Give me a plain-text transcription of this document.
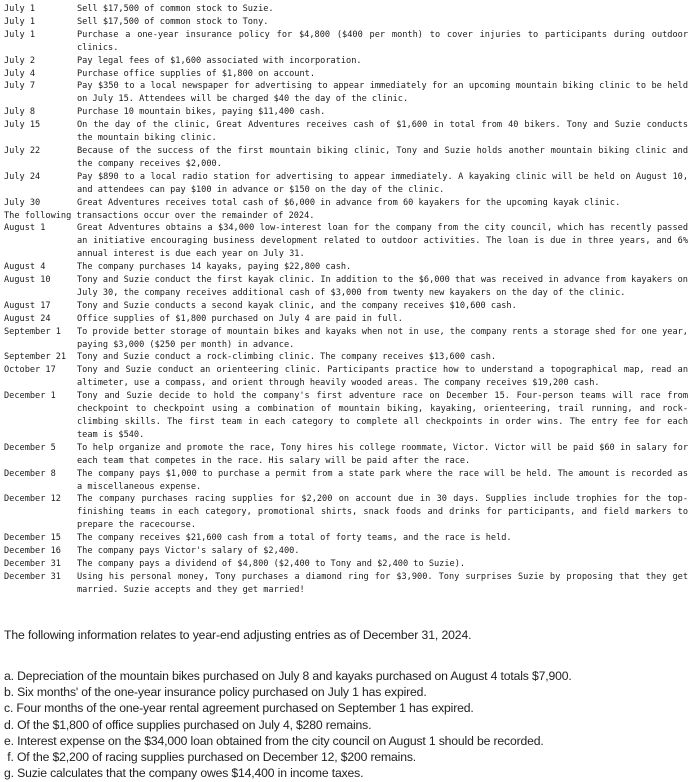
July 1	Sell $17,500 of common stock to Suzie.
July 1	Sell $17,500 of common stock to Tony.
July 1	Purchase a one-year insurance policy for $4,800 ($400 per month) to cover injuries to participants during outdoor clinics.
July 2	Pay legal fees of $1,600 associated with incorporation.
July 4	Purchase office supplies of $1,800 on account.
July 7	Pay $350 to a local newspaper for advertising to appear immediately for an upcoming mountain biking clinic to be held on July 15. Attendees will be charged $40 the day of the clinic.
July 8	Purchase 10 mountain bikes, paying $11,400 cash.
July 15	On the day of the clinic, Great Adventures receives cash of $1,600 in total from 40 bikers. Tony and Suzie conducts the mountain biking clinic.
July 22	Because of the success of the first mountain biking clinic, Tony and Suzie holds another mountain biking clinic and the company receives $2,000.
July 24	Pay $890 to a local radio station for advertising to appear immediately. A kayaking clinic will be held on August 10, and attendees can pay $100 in advance or $150 on the day of the clinic.
July 30	Great Adventures receives total cash of $6,000 in advance from 60 kayakers for the upcoming kayak clinic.
The following transactions occur over the remainder of 2024.
August 1	Great Adventures obtains a $34,000 low-interest loan for the company from the city council, which has recently passed an initiative encouraging business development related to outdoor activities. The loan is due in three years, and 6% annual interest is due each year on July 31.
August 4	The company purchases 14 kayaks, paying $22,800 cash.
August 10	Tony and Suzie conduct the first kayak clinic. In addition to the $6,000 that was received in advance from kayakers on July 30, the company receives additional cash of $3,000 from twenty new kayakers on the day of the clinic.
August 17	Tony and Suzie conducts a second kayak clinic, and the company receives $10,600 cash.
August 24	Office supplies of $1,800 purchased on July 4 are paid in full.
September 1	To provide better storage of mountain bikes and kayaks when not in use, the company rents a storage shed for one year, paying $3,000 ($250 per month) in advance.
September 21	Tony and Suzie conduct a rock-climbing clinic. The company receives $13,600 cash.
October 17	Tony and Suzie conduct an orienteering clinic. Participants practice how to understand a topographical map, read an altimeter, use a compass, and orient through heavily wooded areas. The company receives $19,200 cash.
December 1	Tony and Suzie decide to hold the company's first adventure race on December 15. Four-person teams will race from checkpoint to checkpoint using a combination of mountain biking, kayaking, orienteering, trail running, and rock-climbing skills. The first team in each category to complete all checkpoints in order wins. The entry fee for each team is $540.
December 5	To help organize and promote the race, Tony hires his college roommate, Victor. Victor will be paid $60 in salary for each team that competes in the race. His salary will be paid after the race.
December 8	The company pays $1,000 to purchase a permit from a state park where the race will be held. The amount is recorded as a miscellaneous expense.
December 12	The company purchases racing supplies for $2,200 on account due in 30 days. Supplies include trophies for the top-finishing teams in each category, promotional shirts, snack foods and drinks for participants, and field markers to prepare the racecourse.
December 15	The company receives $21,600 cash from a total of forty teams, and the race is held.
December 16	The company pays Victor's salary of $2,400.
December 31	The company pays a dividend of $4,800 ($2,400 to Tony and $2,400 to Suzie).
December 31	Using his personal money, Tony purchases a diamond ring for $3,900. Tony surprises Suzie by proposing that they get married. Suzie accepts and they get married!
The following information relates to year-end adjusting entries as of December 31, 2024.
a. Depreciation of the mountain bikes purchased on July 8 and kayaks purchased on August 4 totals $7,900.
b. Six months' of the one-year insurance policy purchased on July 1 has expired.
c. Four months of the one-year rental agreement purchased on September 1 has expired.
d. Of the $1,800 of office supplies purchased on July 4, $280 remains.
e. Interest expense on the $34,000 loan obtained from the city council on August 1 should be recorded.
f. Of the $2,200 of racing supplies purchased on December 12, $200 remains.
g. Suzie calculates that the company owes $14,400 in income taxes.
